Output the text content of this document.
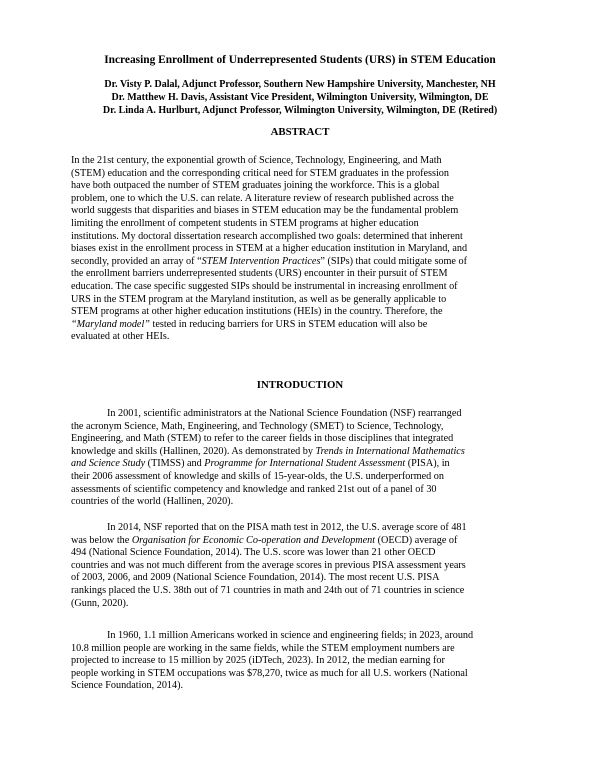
Increasing Enrollment of Underrepresented Students (URS) in STEM Education
Dr. Visty P. Dalal, Adjunct Professor, Southern New Hampshire University, Manchester, NH
Dr. Matthew H. Davis, Assistant Vice President, Wilmington University, Wilmington, DE
Dr. Linda A. Hurlburt, Adjunct Professor, Wilmington University, Wilmington, DE (Retired)
ABSTRACT
In the 21st century, the exponential growth of Science, Technology, Engineering, and Math
(STEM) education and the corresponding critical need for STEM graduates in the profession
have both outpaced the number of STEM graduates joining the workforce. This is a global
problem, one to which the U.S. can relate. A literature review of research published across the
world suggests that disparities and biases in STEM education may be the fundamental problem
limiting the enrollment of competent students in STEM programs at higher education
institutions. My doctoral dissertation research accomplished two goals: determined that inherent
biases exist in the enrollment process in STEM at a higher education institution in Maryland, and
secondly, provided an array of “STEM Intervention Practices” (SIPs) that could mitigate some of
the enrollment barriers underrepresented students (URS) encounter in their pursuit of STEM
education. The case specific suggested SIPs should be instrumental in increasing enrollment of
URS in the STEM program at the Maryland institution, as well as be generally applicable to
STEM programs at other higher education institutions (HEIs) in the country. Therefore, the
“Maryland model” tested in reducing barriers for URS in STEM education will also be
evaluated at other HEIs.
INTRODUCTION
In 2001, scientific administrators at the National Science Foundation (NSF) rearranged
the acronym Science, Math, Engineering, and Technology (SMET) to Science, Technology,
Engineering, and Math (STEM) to refer to the career fields in those disciplines that integrated
knowledge and skills (Hallinen, 2020). As demonstrated by Trends in International Mathematics
and Science Study (TIMSS) and Programme for International Student Assessment (PISA), in
their 2006 assessment of knowledge and skills of 15-year-olds, the U.S. underperformed on
assessments of scientific competency and knowledge and ranked 21st out of a panel of 30
countries of the world (Hallinen, 2020).
In 2014, NSF reported that on the PISA math test in 2012, the U.S. average score of 481
was below the Organisation for Economic Co-operation and Development (OECD) average of
494 (National Science Foundation, 2014). The U.S. score was lower than 21 other OECD
countries and was not much different from the average scores in previous PISA assessment years
of 2003, 2006, and 2009 (National Science Foundation, 2014). The most recent U.S. PISA
rankings placed the U.S. 38th out of 71 countries in math and 24th out of 71 countries in science
(Gunn, 2020).
In 1960, 1.1 million Americans worked in science and engineering fields; in 2023, around
10.8 million people are working in the same fields, while the STEM employment numbers are
projected to increase to 15 million by 2025 (iDTech, 2023). In 2012, the median earning for
people working in STEM occupations was $78,270, twice as much for all U.S. workers (National
Science Foundation, 2014).
